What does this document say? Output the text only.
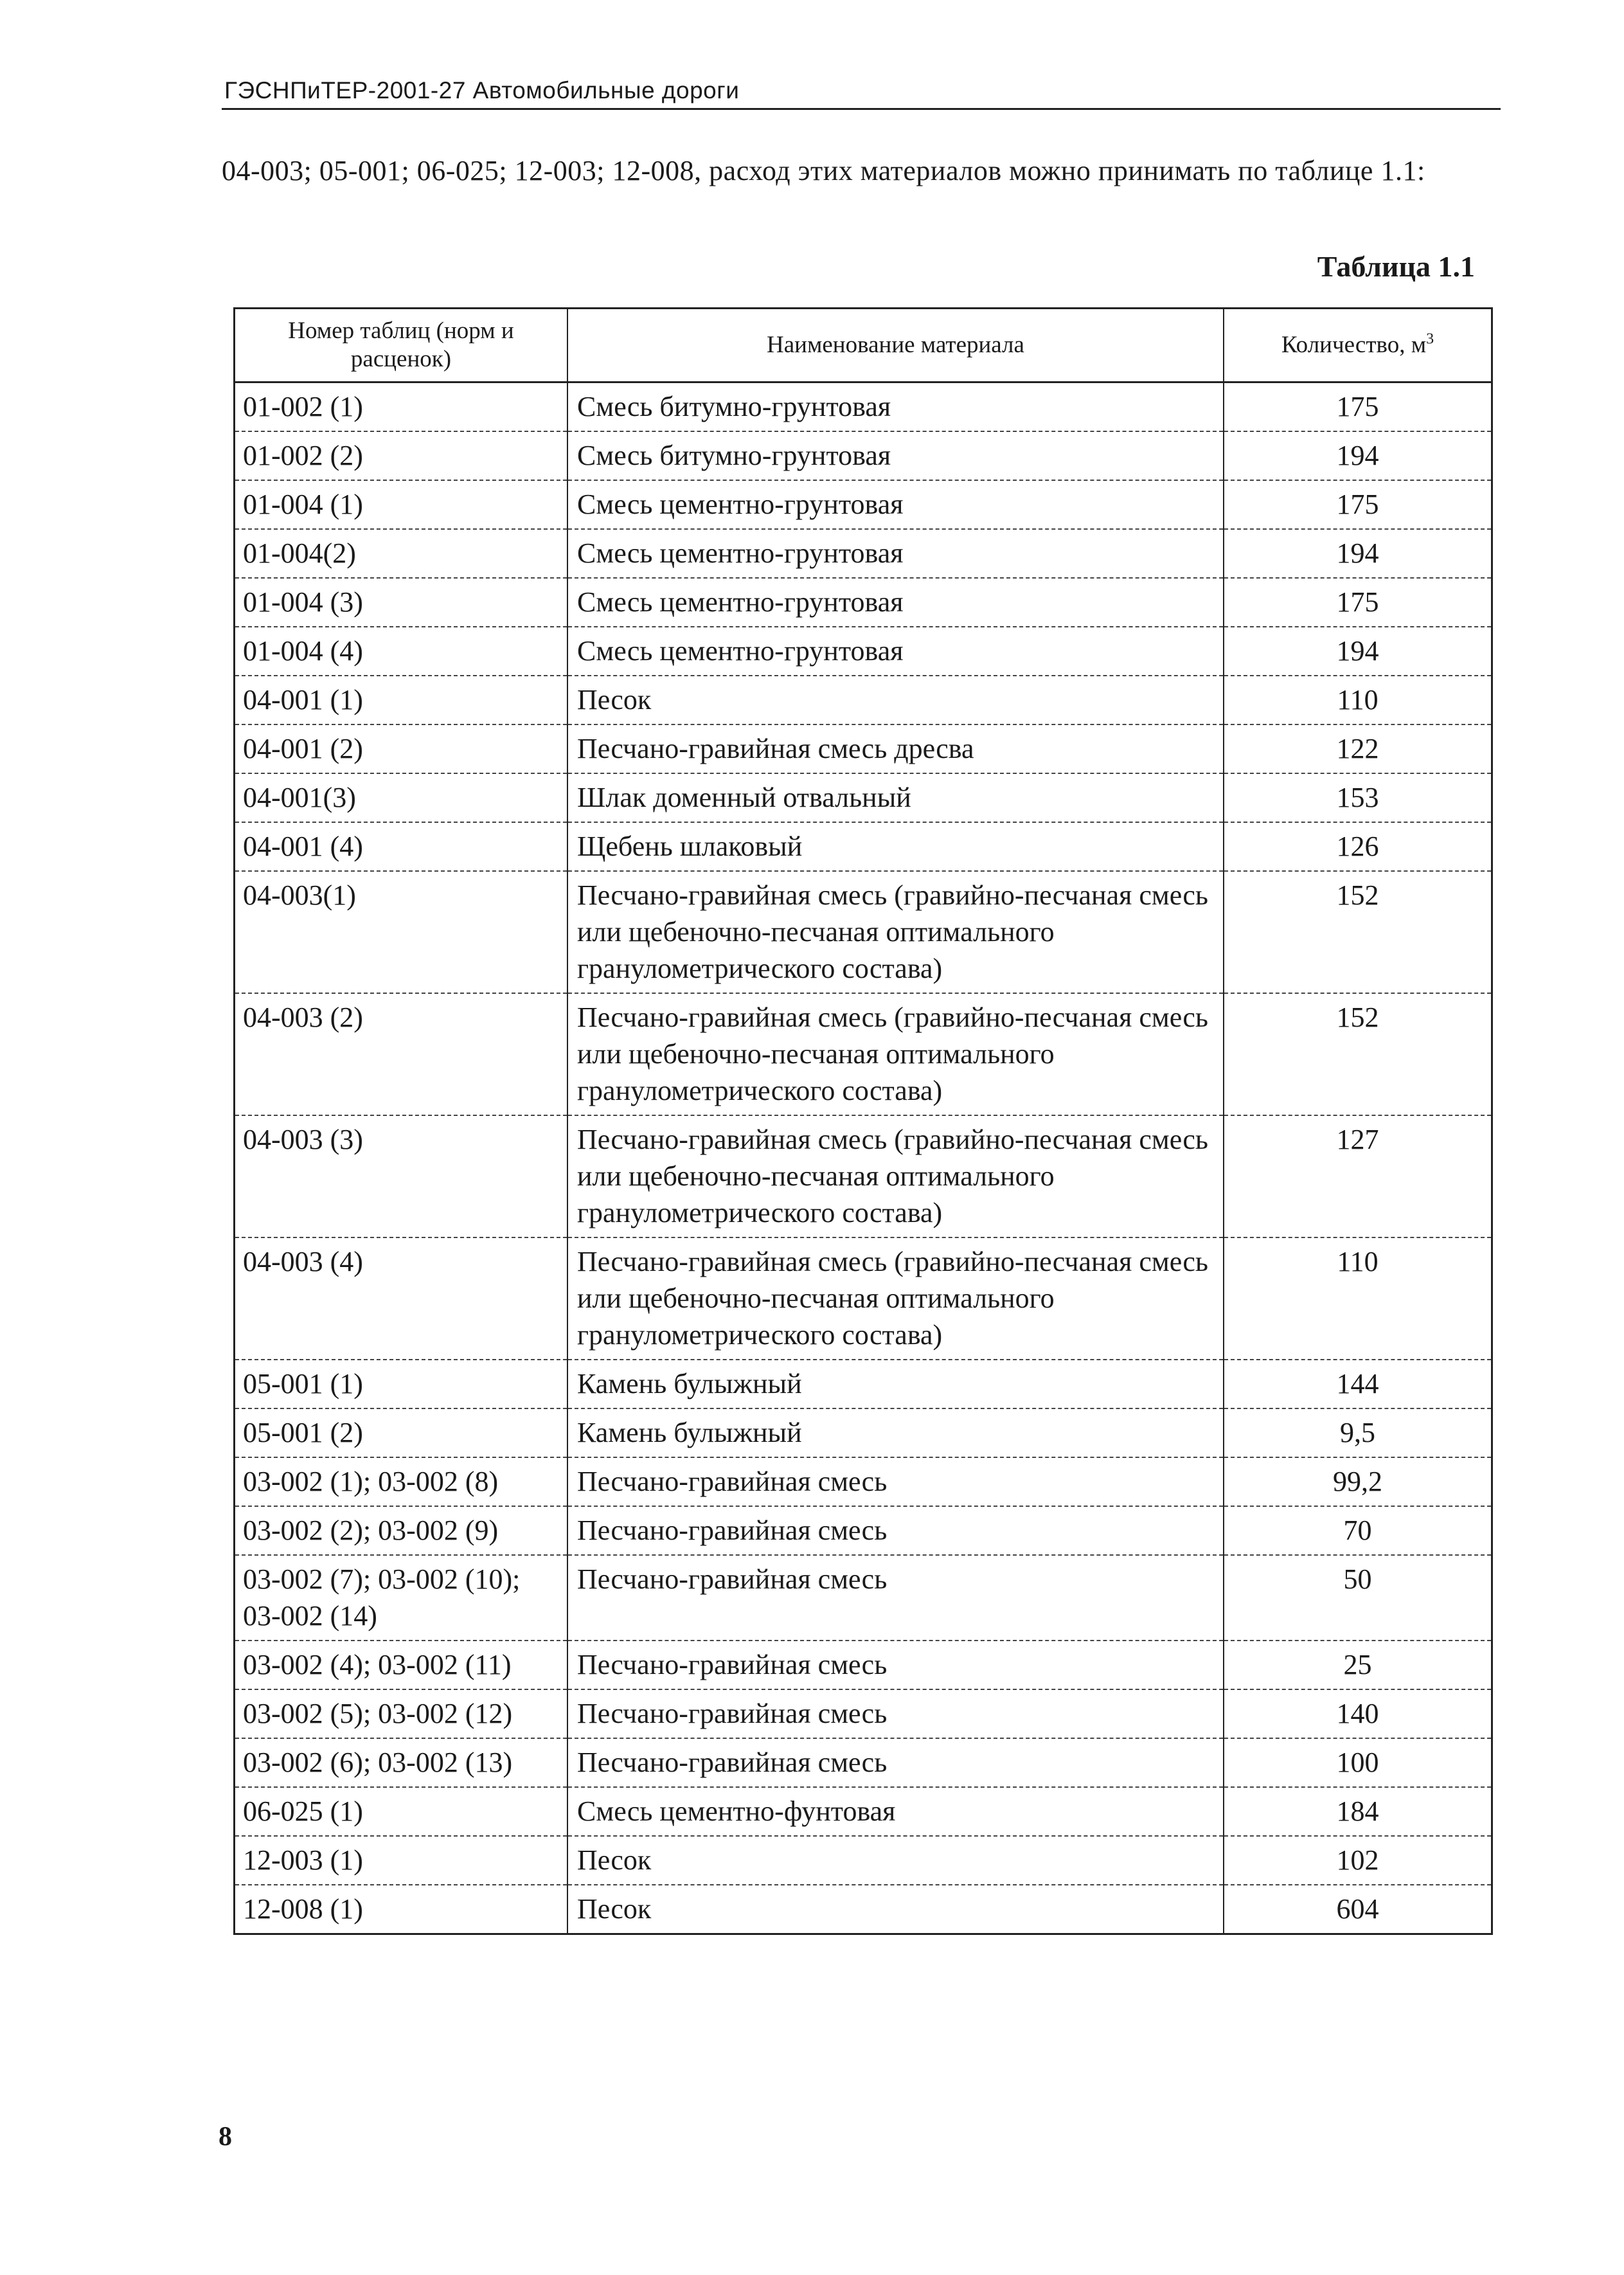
ГЭСНПиТЕР-2001-27 Автомобильные дороги
04-003; 05-001; 06-025; 12-003; 12-008, расход этих материалов можно принимать по таблице 1.1:
Таблица 1.1
Номер таблиц (норм и расценок)	Наименование материала	Количество, $м^3$
01-002 (1)	Смесь битумно-грунтовая	175
01-002 (2)	Смесь битумно-грунтовая	194
01-004 (1)	Смесь цементно-грунтовая	175
01-004(2)	Смесь цементно-грунтовая	194
01-004 (3)	Смесь цементно-грунтовая	175
01-004 (4)	Смесь цементно-грунтовая	194
04-001 (1)	Песок	110
04-001 (2)	Песчано-гравийная смесь дресва	122
04-001(3)	Шлак доменный отвальный	153
04-001 (4)	Щебень шлаковый	126
04-003(1)	Песчано-гравийная смесь (гравийно-песчаная смесь или щебеночно-песчаная оптимального гранулометрического состава)	152
04-003 (2)	Песчано-гравийная смесь (гравийно-песчаная смесь или щебеночно-песчаная оптимального гранулометрического состава)	152
04-003 (3)	Песчано-гравийная смесь (гравийно-песчаная смесь или щебеночно-песчаная оптимального гранулометрического состава)	127
04-003 (4)	Песчано-гравийная смесь (гравийно-песчаная смесь или щебеночно-песчаная оптимального гранулометрического состава)	110
05-001 (1)	Камень булыжный	144
05-001 (2)	Камень булыжный	9,5
03-002 (1); 03-002 (8)	Песчано-гравийная смесь	99,2
03-002 (2); 03-002 (9)	Песчано-гравийная смесь	70
03-002 (7); 03-002 (10); 03-002 (14)	Песчано-гравийная смесь	50
03-002 (4); 03-002 (11)	Песчано-гравийная смесь	25
03-002 (5); 03-002 (12)	Песчано-гравийная смесь	140
03-002 (6); 03-002 (13)	Песчано-гравийная смесь	100
06-025 (1)	Смесь цементно-фунтовая	184
12-003 (1)	Песок	102
12-008 (1)	Песок	604
8
